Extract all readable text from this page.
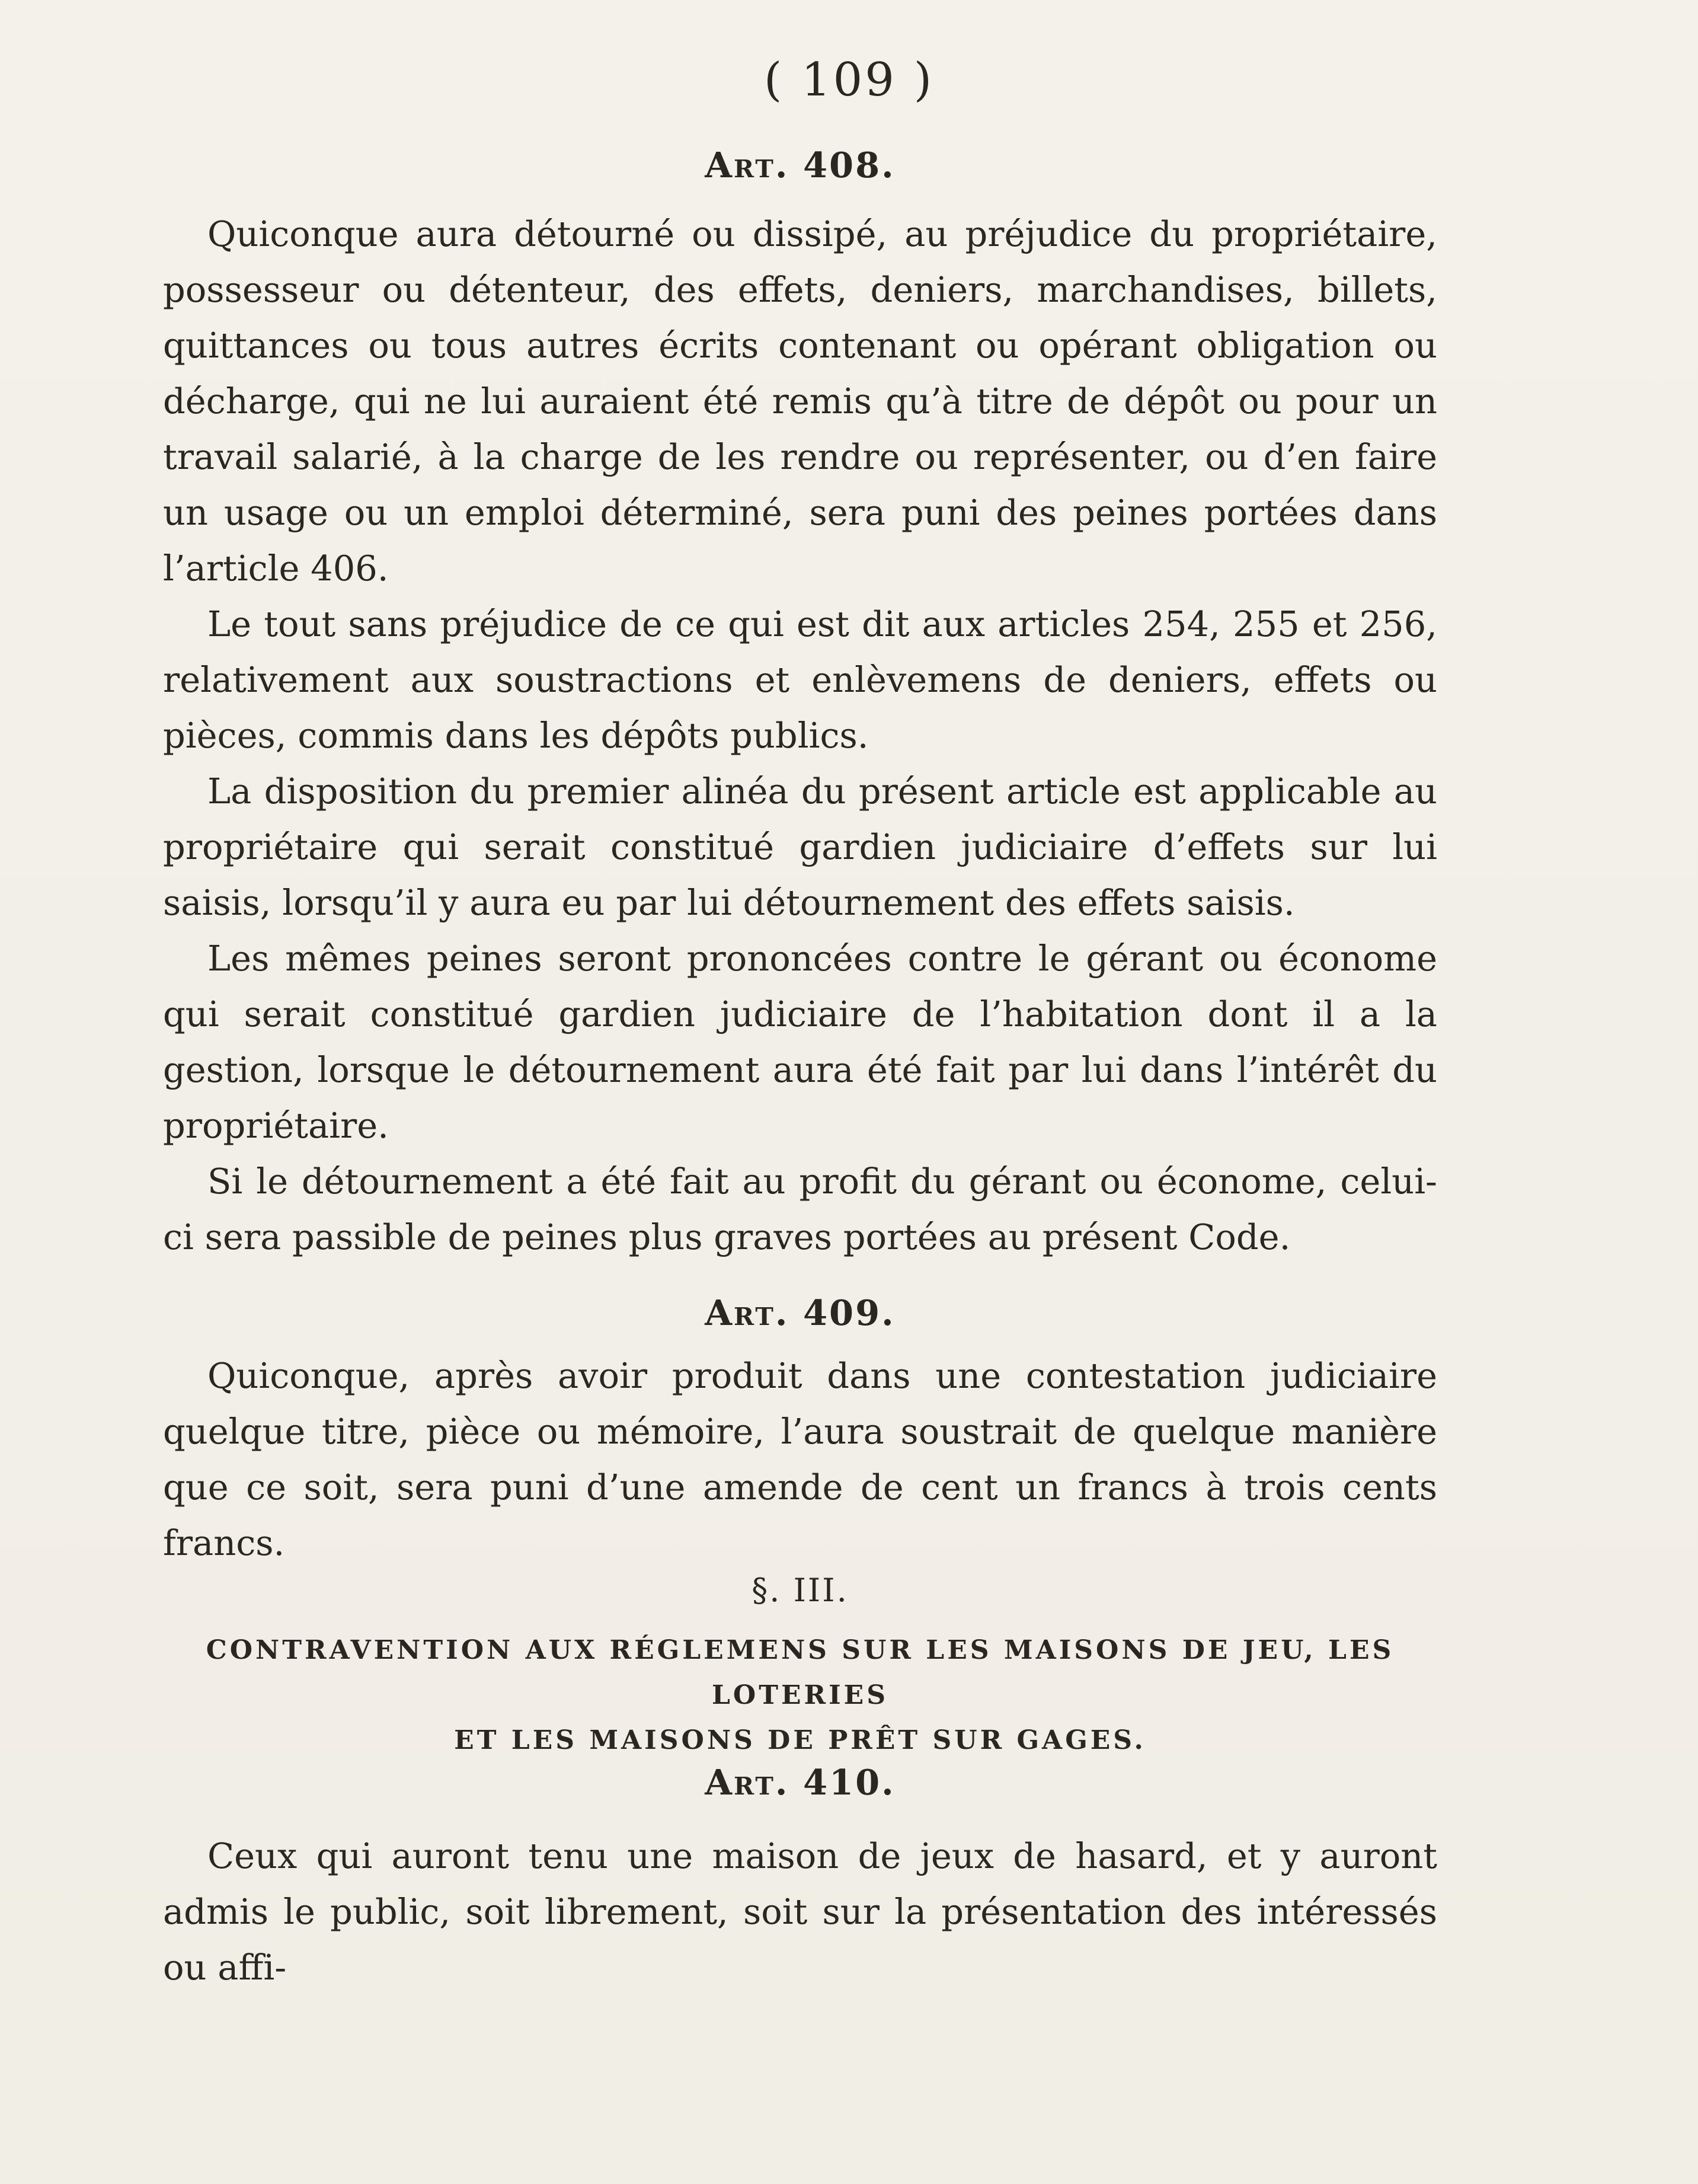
( 109 )
Art. 408.

Quiconque aura détourné ou dissipé, au préjudice du propriétaire, possesseur ou détenteur, des effets, deniers, marchandises, billets, quittances ou tous autres écrits contenant ou opérant obligation ou décharge, qui ne lui auraient été remis qu’à titre de dépôt ou pour un travail salarié, à la charge de les rendre ou représenter, ou d’en faire un usage ou un emploi déterminé, sera puni des peines portées dans l’article 406.

Le tout sans préjudice de ce qui est dit aux articles 254, 255 et 256, relativement aux soustractions et enlèvemens de deniers, effets ou pièces, commis dans les dépôts publics.

La disposition du premier alinéa du présent article est applicable au propriétaire qui serait constitué gardien judiciaire d’effets sur lui saisis, lorsqu’il y aura eu par lui détournement des effets saisis.

Les mêmes peines seront prononcées contre le gérant ou économe qui serait constitué gardien judiciaire de l’habitation dont il a la gestion, lorsque le détournement aura été fait par lui dans l’intérêt du propriétaire.

Si le détournement a été fait au profit du gérant ou économe, celui-ci sera passible de peines plus graves portées au présent Code.

Art. 409.

Quiconque, après avoir produit dans une contestation judiciaire quelque titre, pièce ou mémoire, l’aura soustrait de quelque manière que ce soit, sera puni d’une amende de cent un francs à trois cents francs.

§. III.
CONTRAVENTION AUX RÉGLEMENS SUR LES MAISONS DE JEU, LES LOTERIES
ET LES MAISONS DE PRÊT SUR GAGES.
Art. 410.

Ceux qui auront tenu une maison de jeux de hasard, et y auront admis le public, soit librement, soit sur la présentation des intéressés ou affi-
